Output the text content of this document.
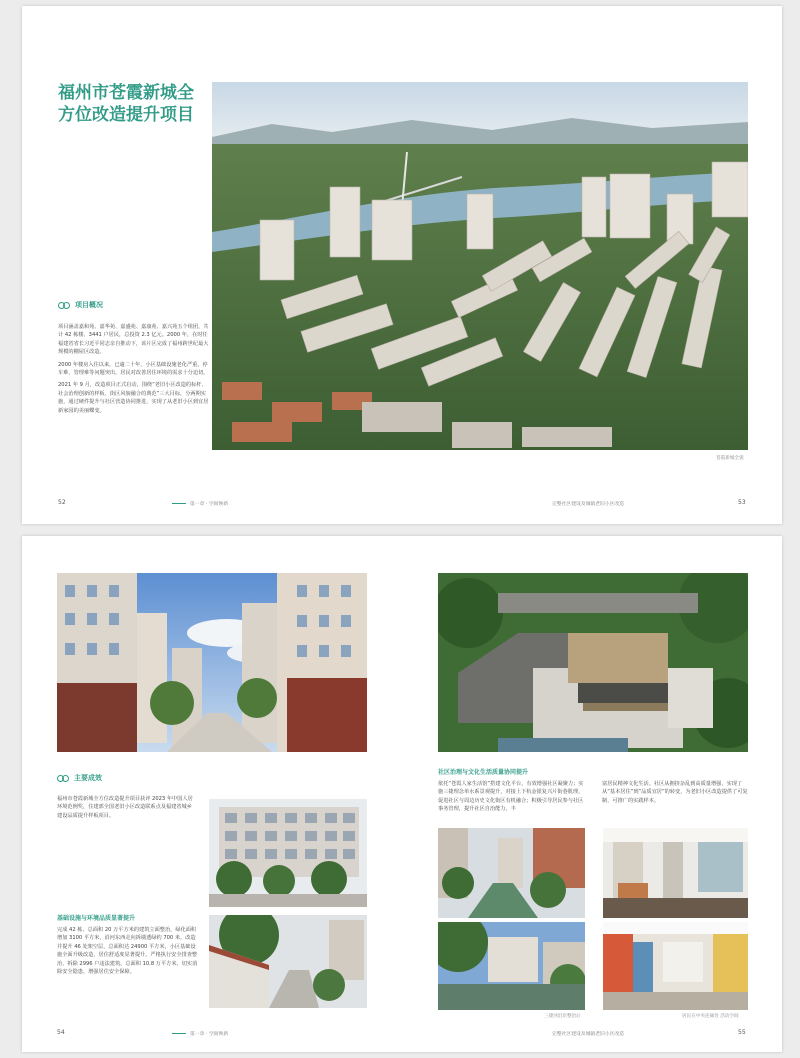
福州市苍霞新城全方位改造提升项目
项目概况

项目涵盖嘉和苑、嘉华苑、嘉盛苑、嘉康苑、嘉兴苑五个组团，共计 42 栋楼、3441 户居民，总投资 2.3 亿元。2000 年，在时任福建省省长习近平同志亲自推动下，该片区完成了福州跨世纪最大规模的棚屋区改造。

2000 年楼房入住以来，已逾二十年，小区基础设施老化严重，停车难、管理难等问题突出，居民对改善居住环境的需求十分迫切。

2021 年 9 月，改造项目正式启动，围绕“老旧小区改造的标杆、社会治理创新的样板、街区风貌融合的典范”三大目标，分两期实施，通过硬件提升与社区营造协同推进，实现了从老旧小区到宜居新家园的美丽蝶变。

苍霞新城全貌
52	第一章 · 空间焕新	完整社区建设及城镇老旧小区改造	53
主要成效

福州市苍霞新城全方位改造提升项目获评 2023 年中国人居环境范例奖，住建部全国老旧小区改造联系点及福建省城乡建设品质提升样板项目。

基础设施与环境品质显著提升

完成 42 栋、总面积 20 万平方米的建筑立面整治，绿化面积增加 3100 平方米，沿河东西走向拆墙透绿约 700 米，改造并提升 46 处架空层，总面积达 24900 平方米，小区基础设施全面升级改造，居住舒适度显著提升。严格执行安全排查整治，拆除 2996 户违法建筑，总面积 10.8 万平方米，切实消除安全隐患，增强居住安全保障。

社区治理与文化生活质量协同提升

依托“苍霞人家生活馆”搭建文化平台，有效增强社区凝聚力；实施三捷理念单水系景观提升，对接上下杭金银复兴片街巷肌理，促进社区与周边历史文化街区有机融合；积极引导居民参与社区事务管理，提升社区自治能力，丰

富居民精神文化生活。社区从拥挤杂乱到高质量增强，实现了从“基本居住”到“品质宜居”的转变，为老旧小区改造提供了可复制、可推广的实践样本。

三捷河沿岸整治后	居民在中央连廊处 活动空间
54	第一章 · 空间焕新	完整社区建设及城镇老旧小区改造	55
